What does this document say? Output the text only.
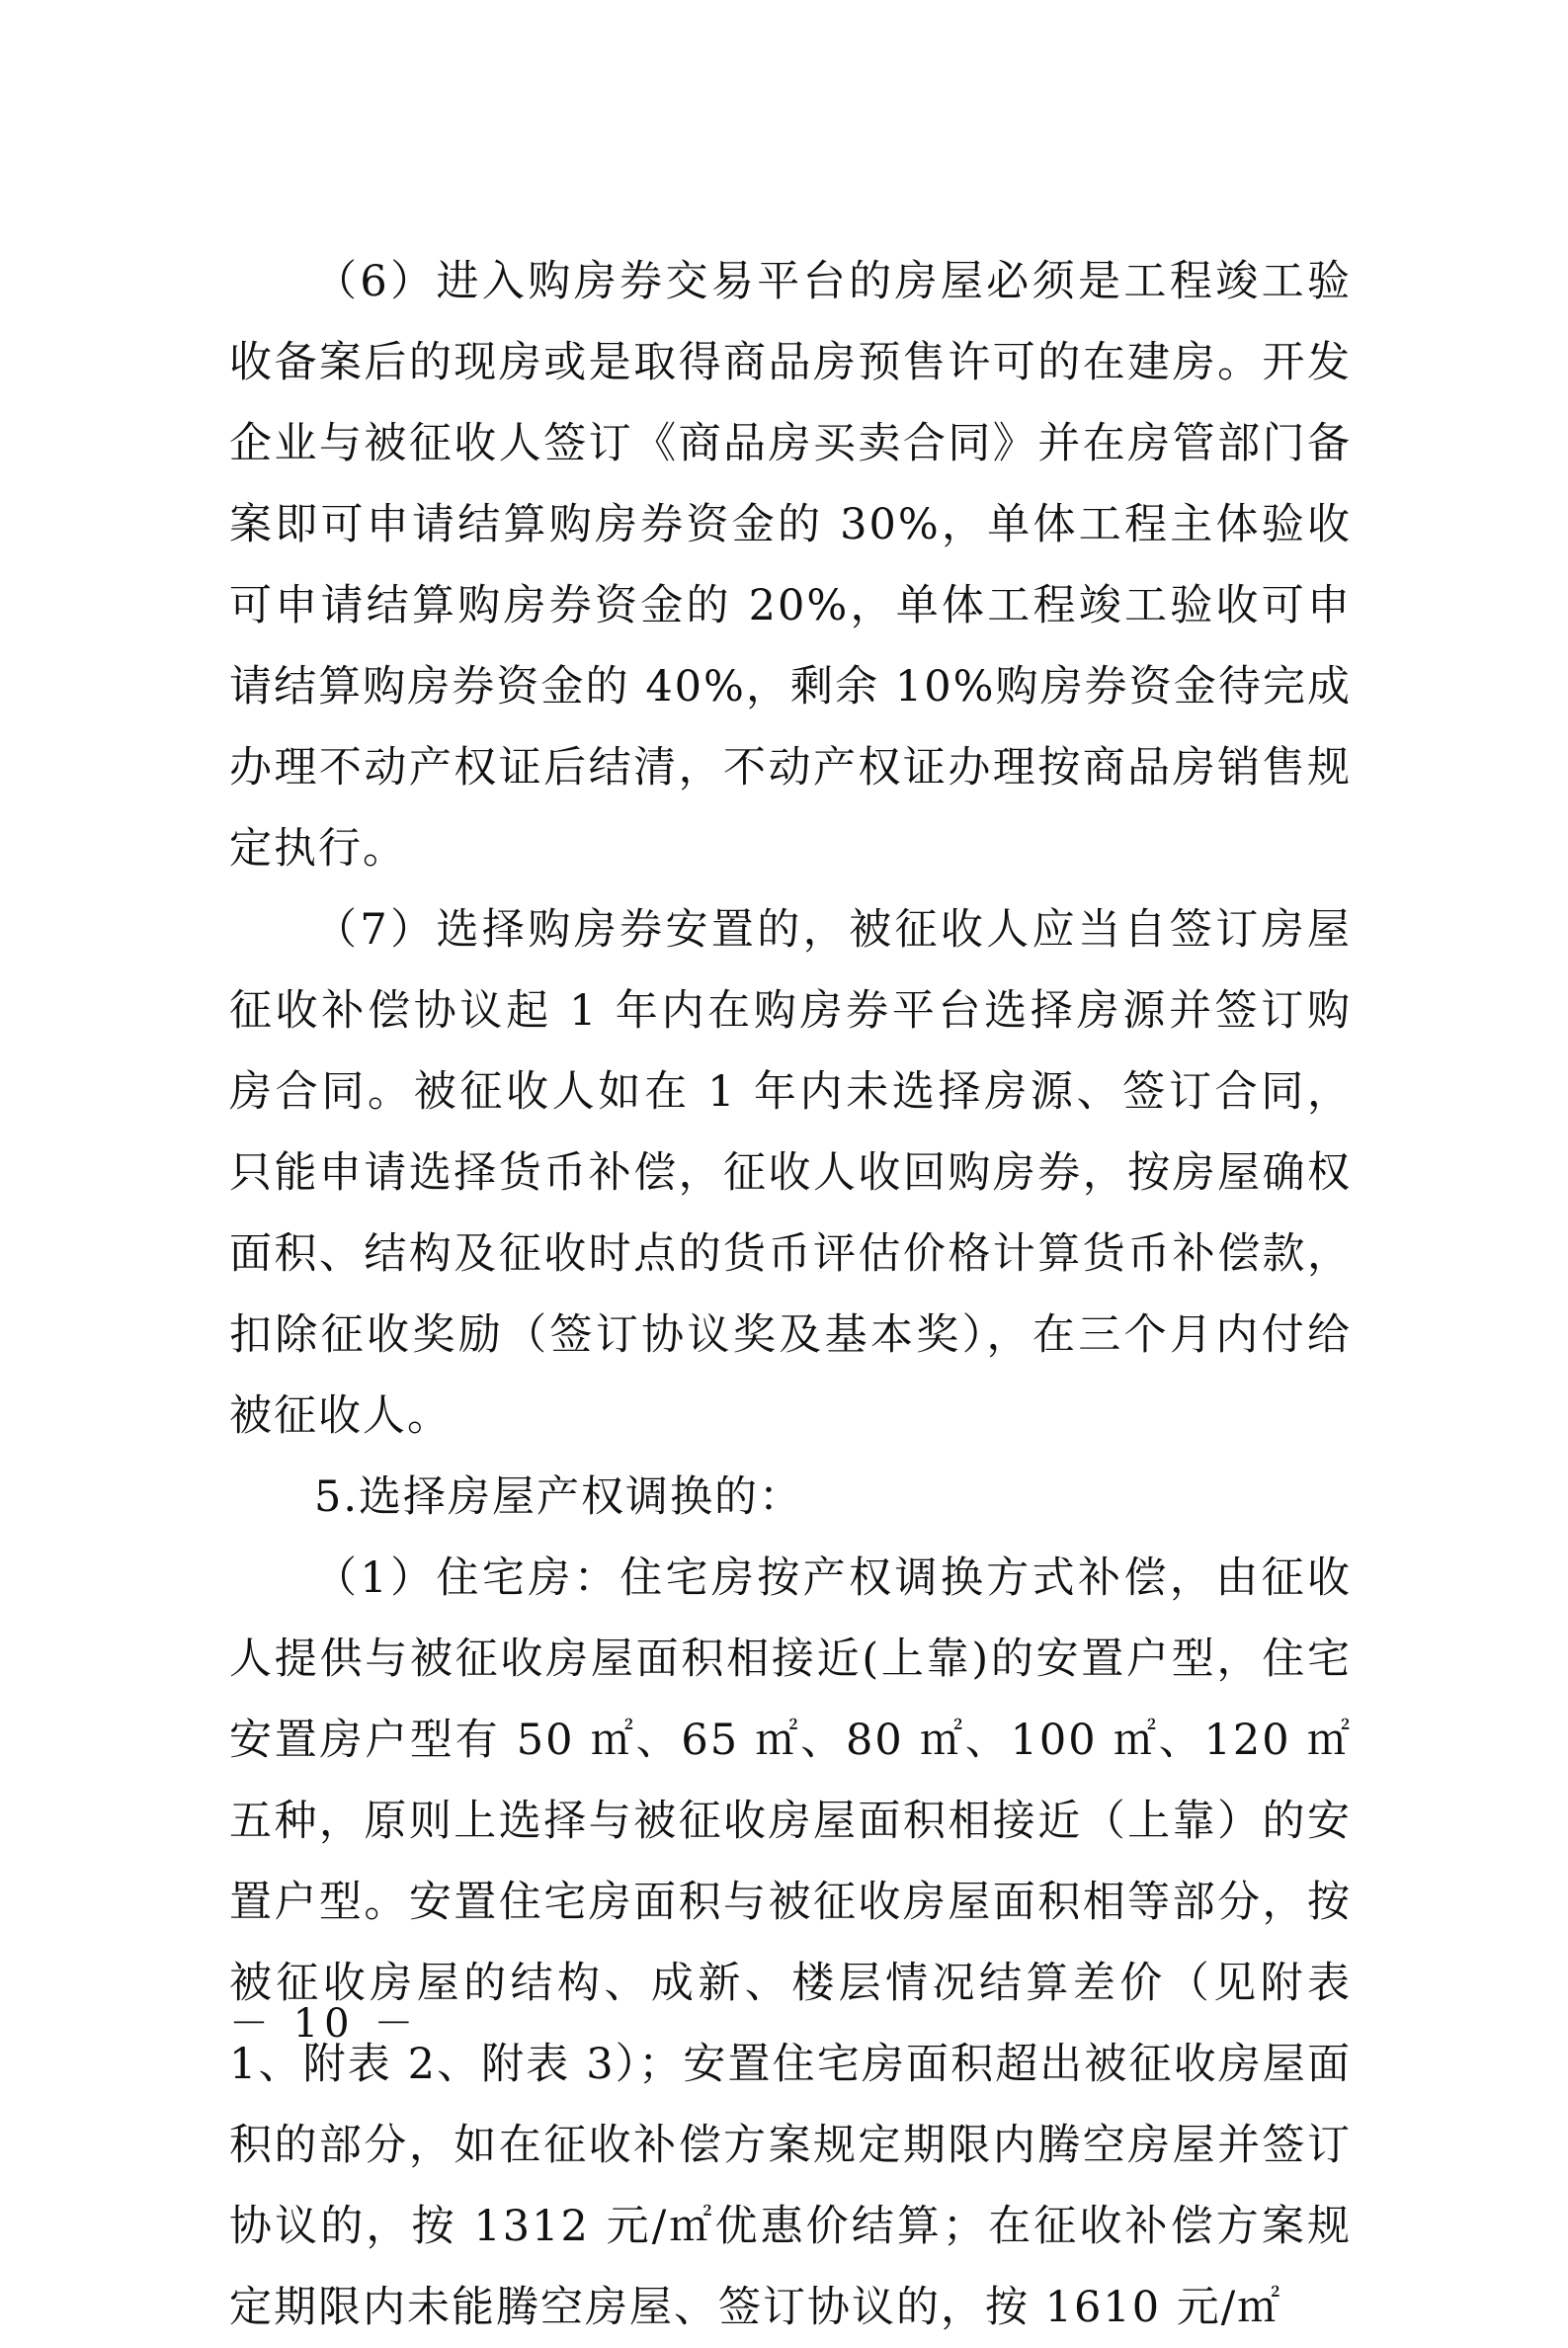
（6）进入购房券交易平台的房屋必须是工程竣工验收备案后的现房或是取得商品房预售许可的在建房。开发企业与被征收人签订《商品房买卖合同》并在房管部门备案即可申请结算购房券资金的 30%，单体工程主体验收可申请结算购房券资金的 20%，单体工程竣工验收可申请结算购房券资金的 40%，剩余 10%购房券资金待完成办理不动产权证后结清，不动产权证办理按商品房销售规定执行。

（7）选择购房券安置的，被征收人应当自签订房屋征收补偿协议起 1 年内在购房券平台选择房源并签订购房合同。被征收人如在 1 年内未选择房源、签订合同，只能申请选择货币补偿，征收人收回购房券，按房屋确权面积、结构及征收时点的货币评估价格计算货币补偿款，扣除征收奖励（签订协议奖及基本奖），在三个月内付给被征收人。

5.选择房屋产权调换的：

（1）住宅房：住宅房按产权调换方式补偿，由征收人提供与被征收房屋面积相接近(上靠)的安置户型，住宅安置房户型有 50 ㎡、65 ㎡、80 ㎡、100 ㎡、120 ㎡五种，原则上选择与被征收房屋面积相接近（上靠）的安置户型。安置住宅房面积与被征收房屋面积相等部分，按被征收房屋的结构、成新、楼层情况结算差价（见附表 1、附表 2、附表 3）；安置住宅房面积超出被征收房屋面积的部分，如在征收补偿方案规定期限内腾空房屋并签订协议的，按 1312 元/㎡优惠价结算；在征收补偿方案规定期限内未能腾空房屋、签订协议的，按 1610 元/㎡

－ 10 －
